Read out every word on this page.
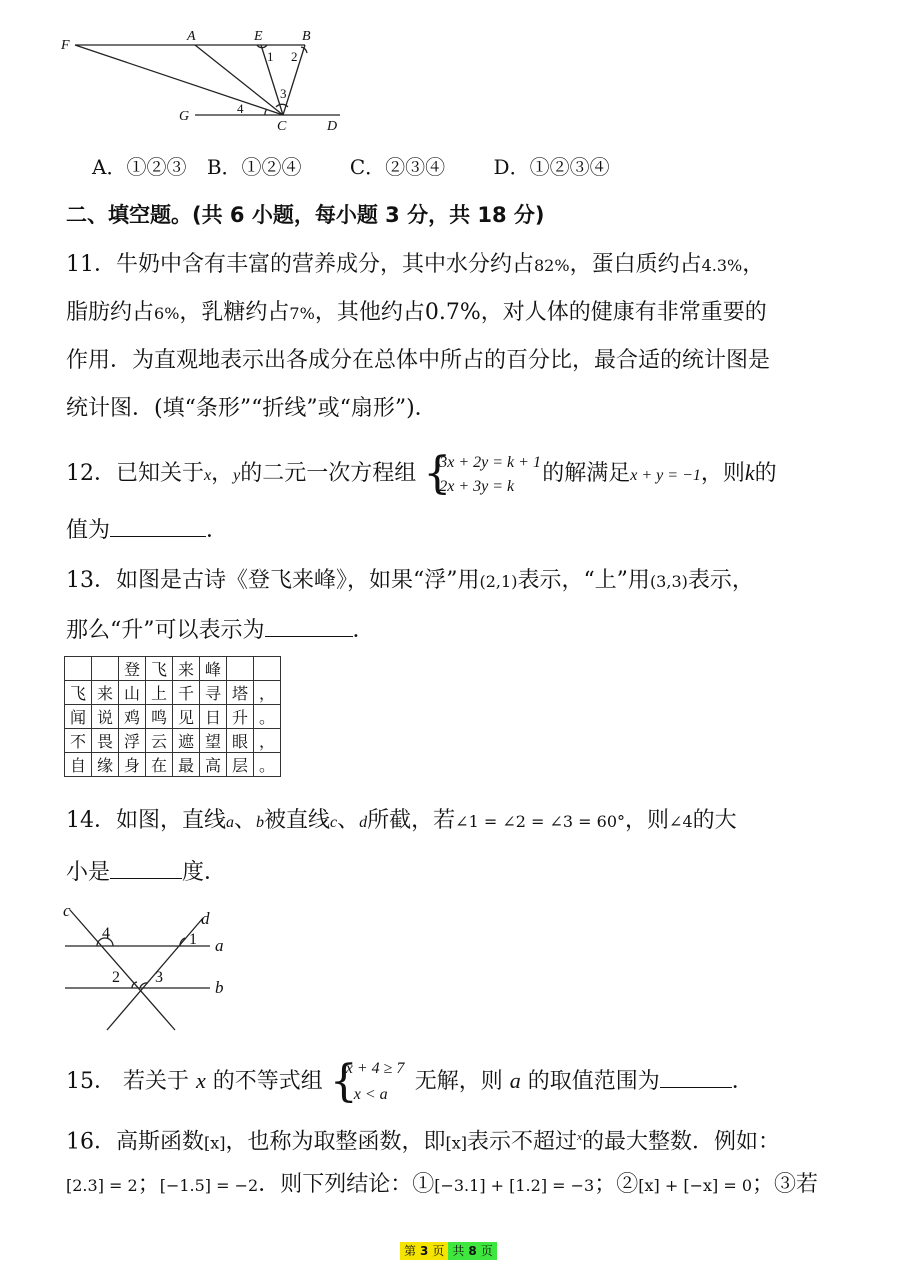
F
A	E	B
G
C	D
1 2
3
4
A．①②③ B．①②④ C．②③④ D．①②③④
二、填空题。(共 6 小题，每小题 3 分，共 18 分)
11．牛奶中含有丰富的营养成分，其中水分约占82%，蛋白质约占4.3%，
脂肪约占6%，乳糖约占7%，其他约占0.7%，对人体的健康有非常重要的
作用．为直观地表示出各成分在总体中所占的百分比，最合适的统计图是
统计图．(填“条形”“折线”或“扇形”)．
12．已知关于x，y的二元一次方程组 {
3x + 2y = k + 1
2x + 3y = k
的解满足x + y = −1，则k的
值为	．
13．如图是古诗《登飞来峰》，如果“浮”用(2,1)表示，“上”用(3,3)表示，
那么“升”可以表示为	．
		登	飞	来	峰		
飞	来	山	上	千	寻	塔	，
闻	说	鸡	鸣	见	日	升	。
不	畏	浮	云	遮	望	眼	，
自	缘	身	在	最	高	层	。
14．如图，直线a、b被直线c、d所截，若∠1 = ∠2 = ∠3 = 60°，则∠4的大
小是	度．
c	d
a
b
4	1
2 3
15． 若关于 x 的不等式组 {
x + 4 ≥ 7
x < a
无解，则 a 的取值范围为	．
16．高斯函数[x]，也称为取整函数，即[x]表示不超过$^x$的最大整数．例如：
[2.3] = 2；[−1.5] = −2．则下列结论：①[−3.1] + [1.2] = −3；②[x] + [−x] = 0；③若
第 3 页 共 8 页
